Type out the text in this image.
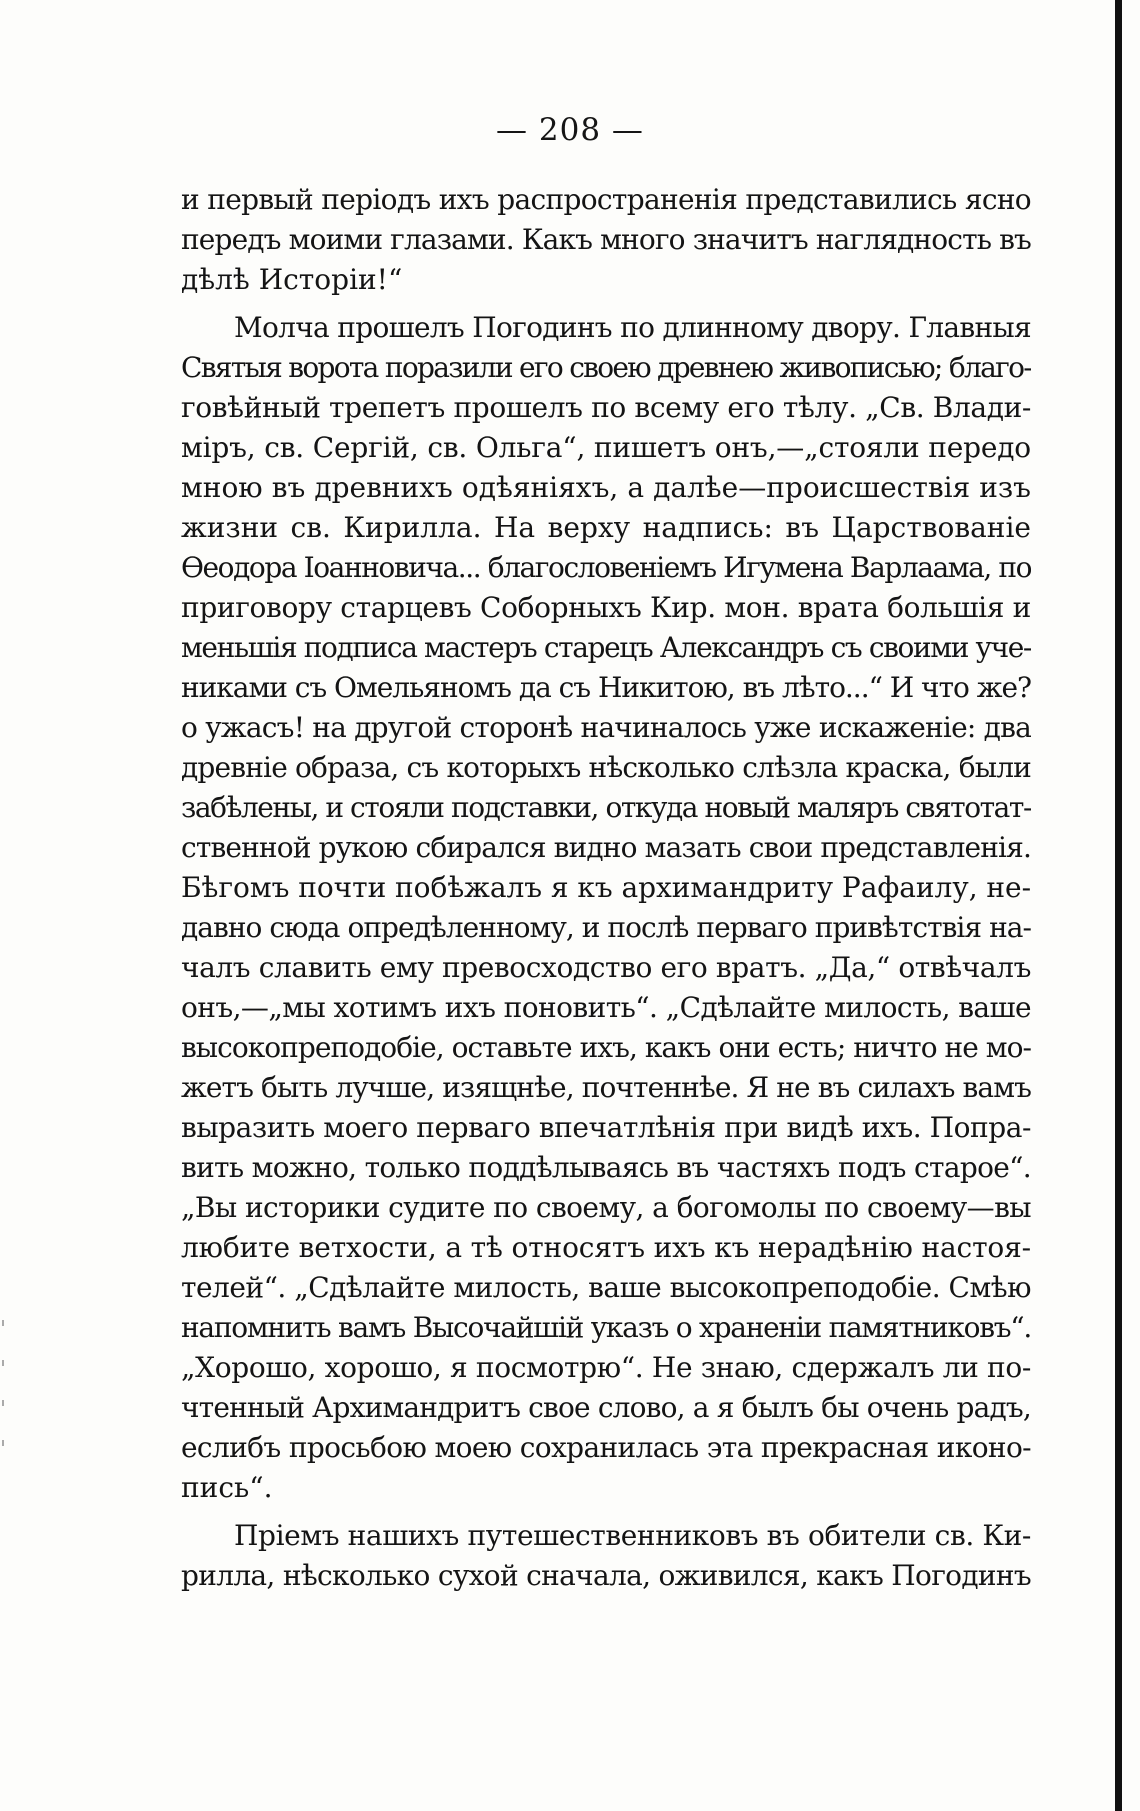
— 208 —
и первый періодъ ихъ распространенія представились ясно
передъ моими глазами. Какъ много значитъ наглядность въ
дѣлѣ Исторіи!“
Молча прошелъ Погодинъ по длинному двору. Главныя
Святыя ворота поразили его своею древнею живописью; благо-
говѣйный трепетъ прошелъ по всему его тѣлу. „Св. Влади-
міръ, св. Сергій, св. Ольга“, пишетъ онъ,—„стояли передо
мною въ древнихъ одѣяніяхъ, а далѣе—происшествія изъ
жизни св. Кирилла. На верху надпись: въ Царствованіе
Ѳеодора Іоанновича... благословеніемъ Игумена Варлаама, по
приговору старцевъ Соборныхъ Кир. мон. врата большія и
меньшія подписа мастеръ старецъ Александръ съ своими уче-
никами съ Омельяномъ да съ Никитою, въ лѣто...“ И что же?
о ужасъ! на другой сторонѣ начиналось уже искаженіе: два
древніе образа, съ которыхъ нѣсколько слѣзла краска, были
забѣлены, и стояли подставки, откуда новый маляръ святотат-
ственной рукою сбирался видно мазать свои представленія.
Бѣгомъ почти побѣжалъ я къ архимандриту Рафаилу, не-
давно сюда опредѣленному, и послѣ перваго привѣтствія на-
чалъ славить ему превосходство его вратъ. „Да,“ отвѣчалъ
онъ,—„мы хотимъ ихъ поновить“. „Сдѣлайте милость, ваше
высокопреподобіе, оставьте ихъ, какъ они есть; ничто не мо-
жетъ быть лучше, изящнѣе, почтеннѣе. Я не въ силахъ вамъ
выразить моего перваго впечатлѣнія при видѣ ихъ. Попра-
вить можно, только поддѣлываясь въ частяхъ подъ старое“.
„Вы историки судите по своему, а богомолы по своему—вы
любите ветхости, а тѣ относятъ ихъ къ нерадѣнію настоя-
телей“. „Сдѣлайте милость, ваше высокопреподобіе. Смѣю
напомнить вамъ Высочайшій указъ о храненіи памятниковъ“.
„Хорошо, хорошо, я посмотрю“. Не знаю, сдержалъ ли по-
чтенный Архимандритъ свое слово, а я былъ бы очень радъ,
еслибъ просьбою моею сохранилась эта прекрасная иконо-
пись“.
Пріемъ нашихъ путешественниковъ въ обители св. Ки-
рилла, нѣсколько сухой сначала, оживился, какъ Погодинъ
